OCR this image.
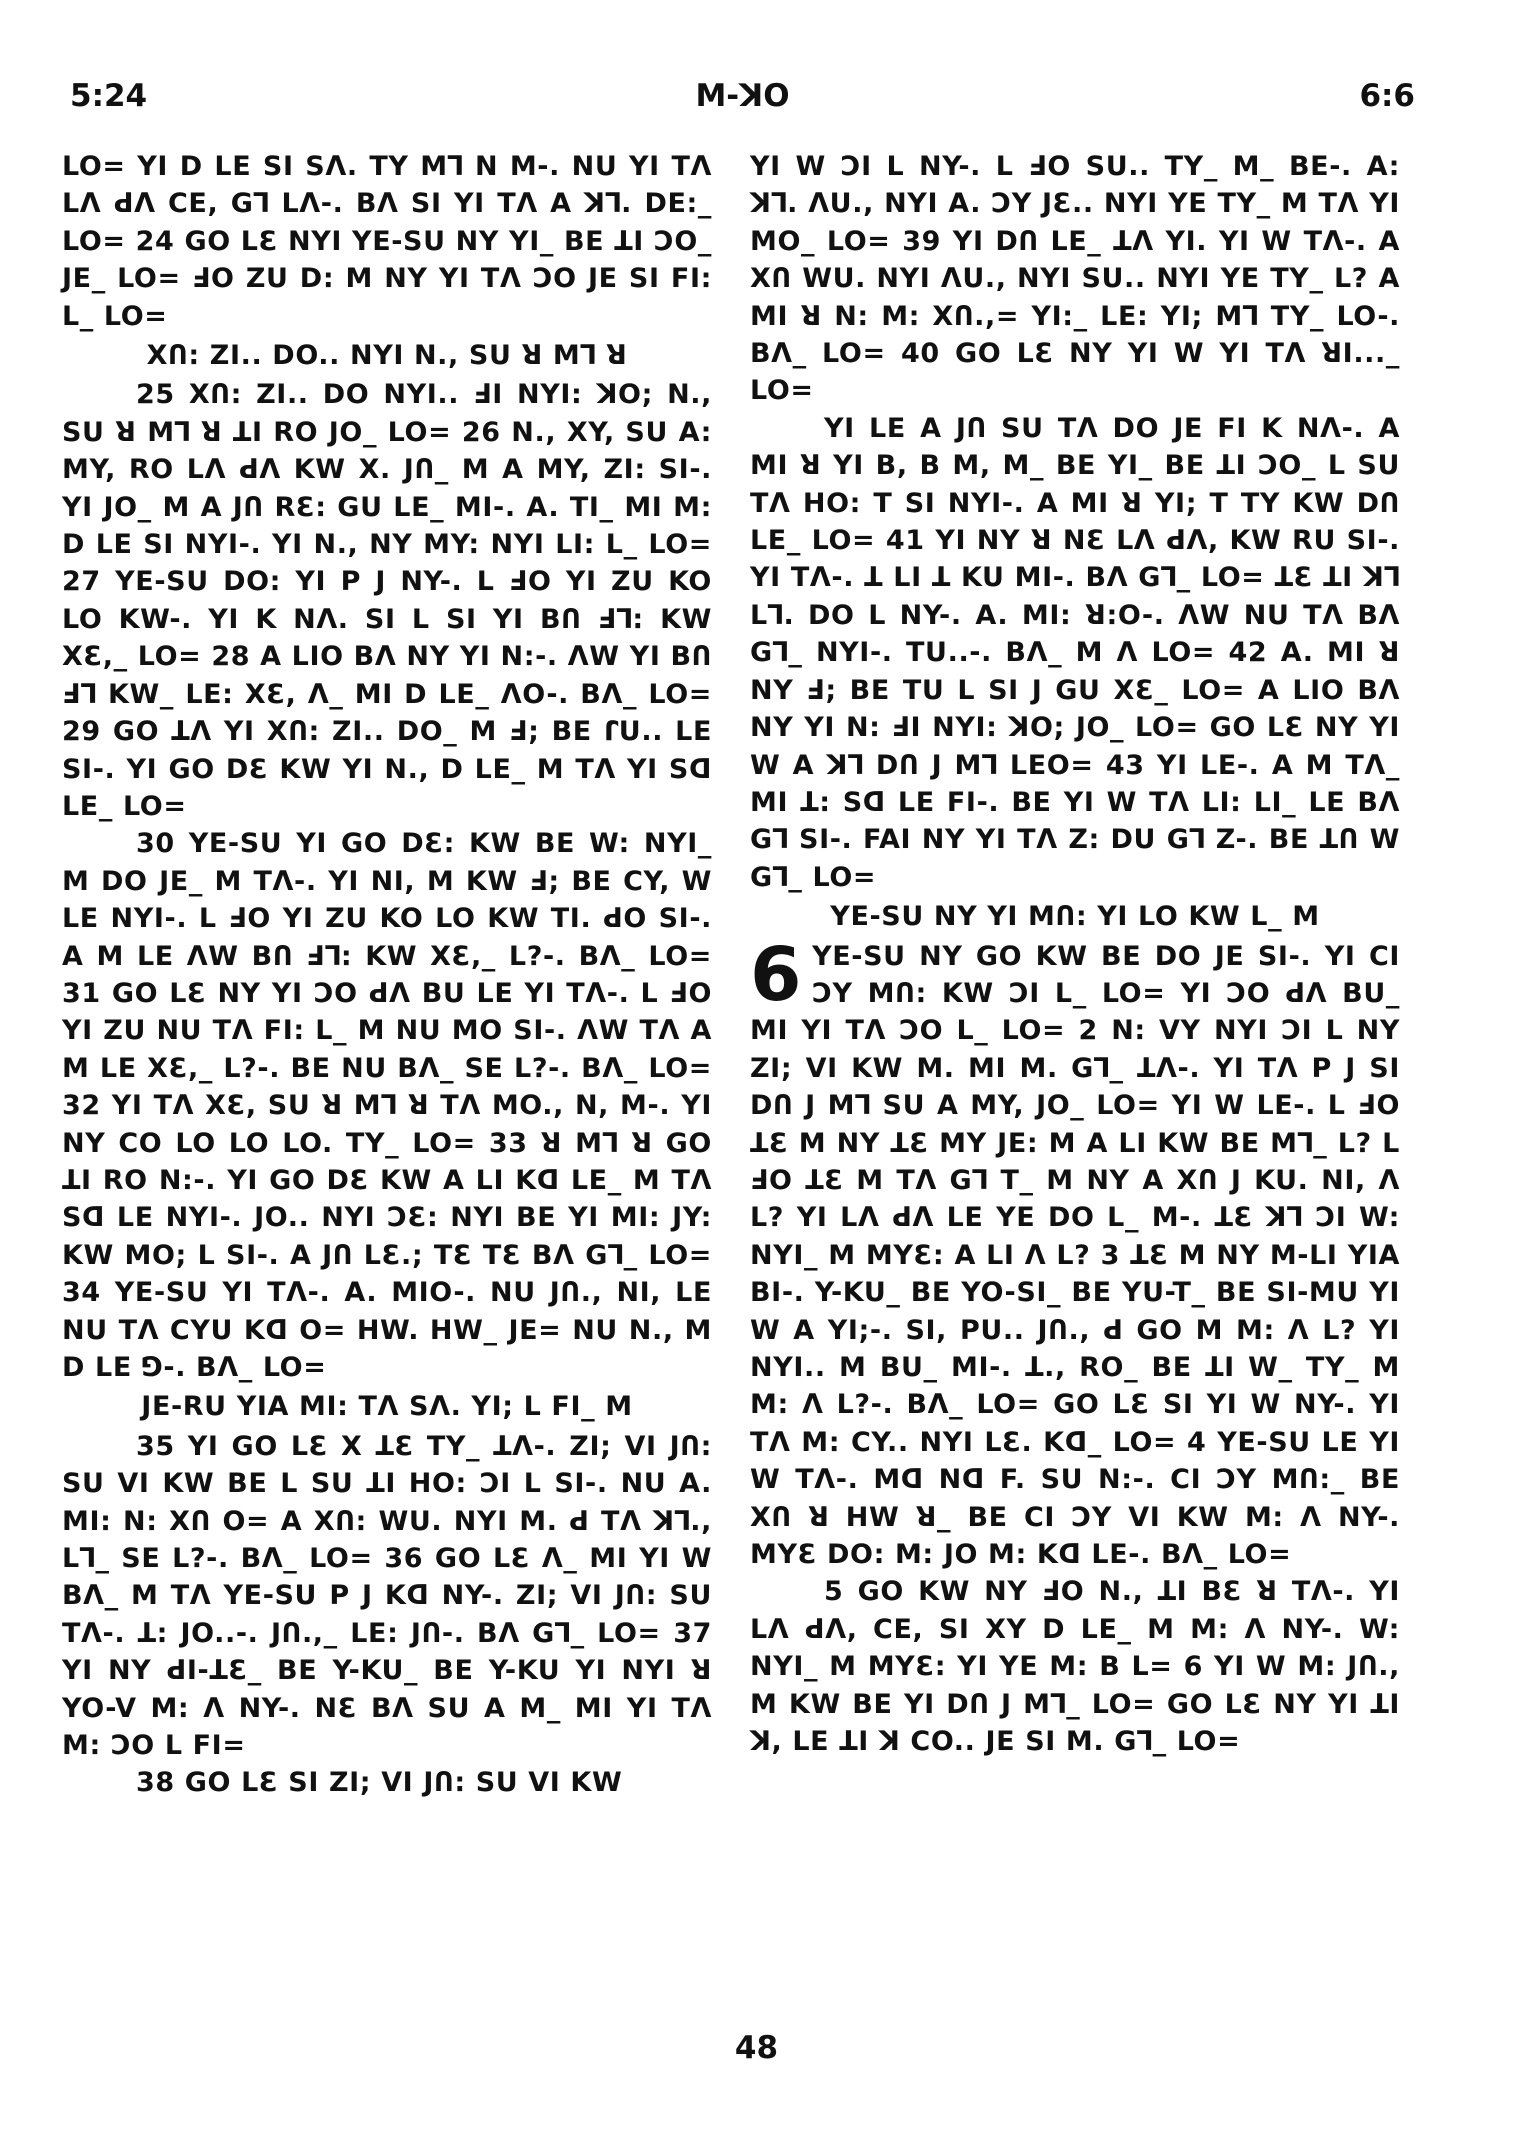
5:24	M-ꓘO	6:6

LO= YI D LE SI Sꓥ. TY M⅂ N M-. NU YI Tꓥ Lꓥ ꓒꓥ CE, G⅂ Lꓥ-. Bꓥ SI YI Tꓥ A ꓘ⅂. DE:_ LO= 24 GO LƐ NYI YE-SU NY YI_ BE ꓕI ƆO_ JE_ LO= ꓞO ZU D: M NY YI Tꓥ ƆO JE SI FI: L_ LO=

XՈ: ZI.. DO.. NYI N., SU ꓤ M⅂ ꓤ

25 XՈ: ZI.. DO NYI.. ꓞI NYI: ꓘO; N., SU ꓤ M⅂ ꓤ ꓕI RO JO_ LO= 26 N., XY, SU A: MY, RO Lꓥ ꓒꓥ KW X. JՈ_ M A MY, ZI: SI-. YI JO_ M A JՈ RƐ: GU LE_ MI-. A. TI_ MI M: D LE SI NYI-. YI N., NY MY: NYI LI: L_ LO= 27 YE-SU DO: YI P J NY-. L ꓞO YI ZU KO LO KW-. YI K Nꓥ. SI L SI YI BՈ ꓞ⅂: KW XƐ,_ LO= 28 A LIO Bꓥ NY YI N:-. ꓥW YI BՈ ꓞ⅂ KW_ LE: XƐ, ꓥ_ MI D LE_ ꓥO-. Bꓥ_ LO= 29 GO ꓕꓥ YI XՈ: ZI.. DO_ M ꓞ; BE ꓩU.. LE SI-. YI GO DƐ KW YI N., D LE_ M Tꓥ YI Sꓷ LE_ LO=

30 YE-SU YI GO DƐ: KW BE W: NYI_ M DO JE_ M Tꓥ-. YI NI, M KW ꓞ; BE CY, W LE NYI-. L ꓞO YI ZU KO LO KW TI. ꓒO SI-. A M LE ꓥW BՈ ꓞ⅂: KW XƐ,_ L?-. Bꓥ_ LO= 31 GO LƐ NY YI ƆO ꓒꓥ BU LE YI Tꓥ-. L ꓞO YI ZU NU Tꓥ FI: L_ M NU MO SI-. ꓥW Tꓥ A M LE XƐ,_ L?-. BE NU Bꓥ_ SE L?-. Bꓥ_ LO= 32 YI Tꓥ XƐ, SU ꓤ M⅂ ꓤ Tꓥ MO., N, M-. YI NY CO LO LO LO. TY_ LO= 33 ꓤ M⅂ ꓤ GO ꓕI RO N:-. YI GO DƐ KW A LI Kꓷ LE_ M Tꓥ Sꓷ LE NYI-. JO.. NYI ƆƐ: NYI BE YI MI: JY: KW MO; L SI-. A JՈ LƐ.; TƐ TƐ Bꓥ G⅂_ LO= 34 YE-SU YI Tꓥ-. A. MIO-. NU JՈ., NI, LE NU Tꓥ CYU Kꓷ O= HW. HW_ JE= NU N., M D LE ⅁-. Bꓥ_ LO=

JE-RU YIA MI: Tꓥ Sꓥ. YI; L FI_ M

35 YI GO LƐ X ꓕƐ TY_ ꓕꓥ-. ZI; VI JՈ: SU VI KW BE L SU ꓕI HO: ƆI L SI-. NU A. MI: N: XՈ O= A XՈ: WU. NYI M. ꓒ Tꓥ ꓘ⅂., L⅂_ SE L?-. Bꓥ_ LO= 36 GO LƐ ꓥ_ MI YI W Bꓥ_ M Tꓥ YE-SU P J Kꓷ NY-. ZI; VI JՈ: SU Tꓥ-. ꓕ: JO..-. JՈ.,_ LE: JՈ-. Bꓥ G⅂_ LO= 37 YI NY ꓒI-ꓕƐ_ BE Y-KU_ BE Y-KU YI NYI ꓤ YO-V M: ꓥ NY-. NƐ Bꓥ SU A M_ MI YI Tꓥ M: ƆO L FI=

38 GO LƐ SI ZI; VI JՈ: SU VI KW

YI W ƆI L NY-. L ꓞO SU.. TY_ M_ BE-. A: ꓘ⅂. ꓥU., NYI A. ƆY JƐ.. NYI YE TY_ M Tꓥ YI MO_ LO= 39 YI DՈ LE_ ꓕꓥ YI. YI W Tꓥ-. A XՈ WU. NYI ꓥU., NYI SU.. NYI YE TY_ L? A MI ꓤ N: M: XՈ.,= YI:_ LE: YI; M⅂ TY_ LO-. Bꓥ_ LO= 40 GO LƐ NY YI W YI Tꓥ ꓤI..._ LO=

YI LE A JՈ SU Tꓥ DO JE FI K Nꓥ-. A MI ꓤ YI B, B M, M_ BE YI_ BE ꓕI ƆO_ L SU Tꓥ HO: T SI NYI-. A MI ꓤ YI; T TY KW DՈ LE_ LO= 41 YI NY ꓤ NƐ Lꓥ ꓒꓥ, KW RU SI-. YI Tꓥ-. ꓕ LI ꓕ KU MI-. Bꓥ G⅂_ LO= ꓕƐ ꓕI ꓘ⅂ L⅂. DO L NY-. A. MI: ꓤ:O-. ꓥW NU Tꓥ Bꓥ G⅂_ NYI-. TU..-. Bꓥ_ M ꓥ LO= 42 A. MI ꓤ NY ꓞ; BE TU L SI J GU XƐ_ LO= A LIO Bꓥ NY YI N: ꓞI NYI: ꓘO; JO_ LO= GO LƐ NY YI W A ꓘ⅂ DՈ J M⅂ LEO= 43 YI LE-. A M Tꓥ_ MI ꓕ: Sꓷ LE FI-. BE YI W Tꓥ LI: LI_ LE Bꓥ G⅂ SI-. FAI NY YI Tꓥ Z: DU G⅂ Z-. BE ꓕՈ W G⅂_ LO=

YE-SU NY YI MՈ: YI LO KW L_ M
6 YE-SU NY GO KW BE DO JE SI-. YI CI ƆY MՈ: KW ƆI L_ LO= YI ƆO ꓒꓥ BU_ MI YI Tꓥ ƆO L_ LO= 2 N: VY NYI ƆI L NY ZI; VI KW M. MI M. G⅂_ ꓕꓥ-. YI Tꓥ P J SI DՈ J M⅂ SU A MY, JO_ LO= YI W LE-. L ꓞO ꓕƐ M NY ꓕƐ MY JE: M A LI KW BE M⅂_ L? L ꓞO ꓕƐ M Tꓥ G⅂ T_ M NY A XՈ J KU. NI, ꓥ L? YI Lꓥ ꓒꓥ LE YE DO L_ M-. ꓕƐ ꓘ⅂ ƆI W: NYI_ M MYƐ: A LI ꓥ L? 3 ꓕƐ M NY M-LI YIA BI-. Y-KU_ BE YO-SI_ BE YU-T_ BE SI-MU YI W A YI;-. SI, PU.. JՈ., ꓒ GO M M: ꓥ L? YI NYI.. M BU_ MI-. ꓕ., RO_ BE ꓕI W_ TY_ M M: ꓥ L?-. Bꓥ_ LO= GO LƐ SI YI W NY-. YI Tꓥ M: CY.. NYI LƐ. Kꓷ_ LO= 4 YE-SU LE YI W Tꓥ-. Mꓷ Nꓷ F. SU N:-. CI ƆY MՈ:_ BE XՈ ꓤ HW ꓤ_ BE CI ƆY VI KW M: ꓥ NY-. MYƐ DO: M: JO M: Kꓷ LE-. Bꓥ_ LO=

5 GO KW NY ꓞO N., ꓕI BƐ ꓤ Tꓥ-. YI Lꓥ ꓒꓥ, CE, SI XY D LE_ M M: ꓥ NY-. W: NYI_ M MYƐ: YI YE M: B L= 6 YI W M: JՈ., M KW BE YI DՈ J M⅂_ LO= GO LƐ NY YI ꓕI ꓘ, LE ꓕI ꓘ CO.. JE SI M. G⅂_ LO=

48
